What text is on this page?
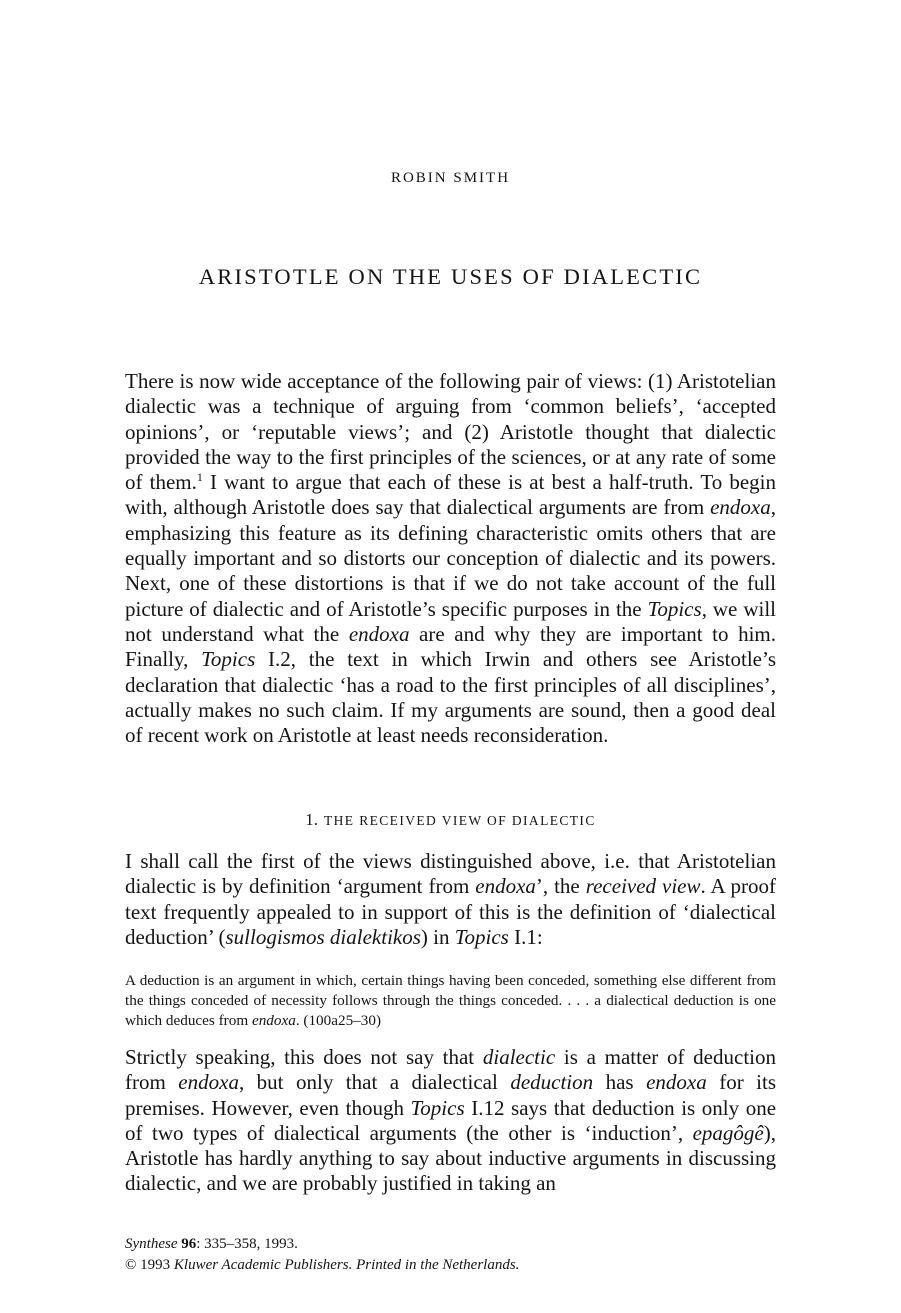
ROBIN SMITH
ARISTOTLE ON THE USES OF DIALECTIC

There is now wide acceptance of the following pair of views: (1) Aristotelian dialectic was a technique of arguing from ‘common beliefs’, ‘accepted opinions’, or ‘reputable views’; and (2) Aristotle thought that dialectic provided the way to the first principles of the sciences, or at any rate of some of them.$^1$ I want to argue that each of these is at best a half-truth. To begin with, although Aristotle does say that dialectical arguments are from endoxa, emphasizing this feature as its defining characteristic omits others that are equally important and so distorts our conception of dialectic and its powers. Next, one of these distortions is that if we do not take account of the full picture of dialectic and of Aristotle’s specific purposes in the Topics, we will not understand what the endoxa are and why they are important to him. Finally, Topics I.2, the text in which Irwin and others see Aristotle’s declaration that dialectic ‘has a road to the first principles of all disciplines’, actually makes no such claim. If my arguments are sound, then a good deal of recent work on Aristotle at least needs reconsideration.

1. THE RECEIVED VIEW OF DIALECTIC

I shall call the first of the views distinguished above, i.e. that Aristotelian dialectic is by definition ‘argument from endoxa’, the received view. A proof text frequently appealed to in support of this is the definition of ‘dialectical deduction’ (sullogismos dialektikos) in Topics I.1:

A deduction is an argument in which, certain things having been conceded, something else different from the things conceded of necessity follows through the things conceded. . . . a dialectical deduction is one which deduces from endoxa. (100a25–30)

Strictly speaking, this does not say that dialectic is a matter of deduction from endoxa, but only that a dialectical deduction has endoxa for its premises. However, even though Topics I.12 says that deduction is only one of two types of dialectical arguments (the other is ‘induction’, epagôgê), Aristotle has hardly anything to say about inductive arguments in discussing dialectic, and we are probably justified in taking an

Synthese 96: 335–358, 1993.
© 1993 Kluwer Academic Publishers. Printed in the Netherlands.
